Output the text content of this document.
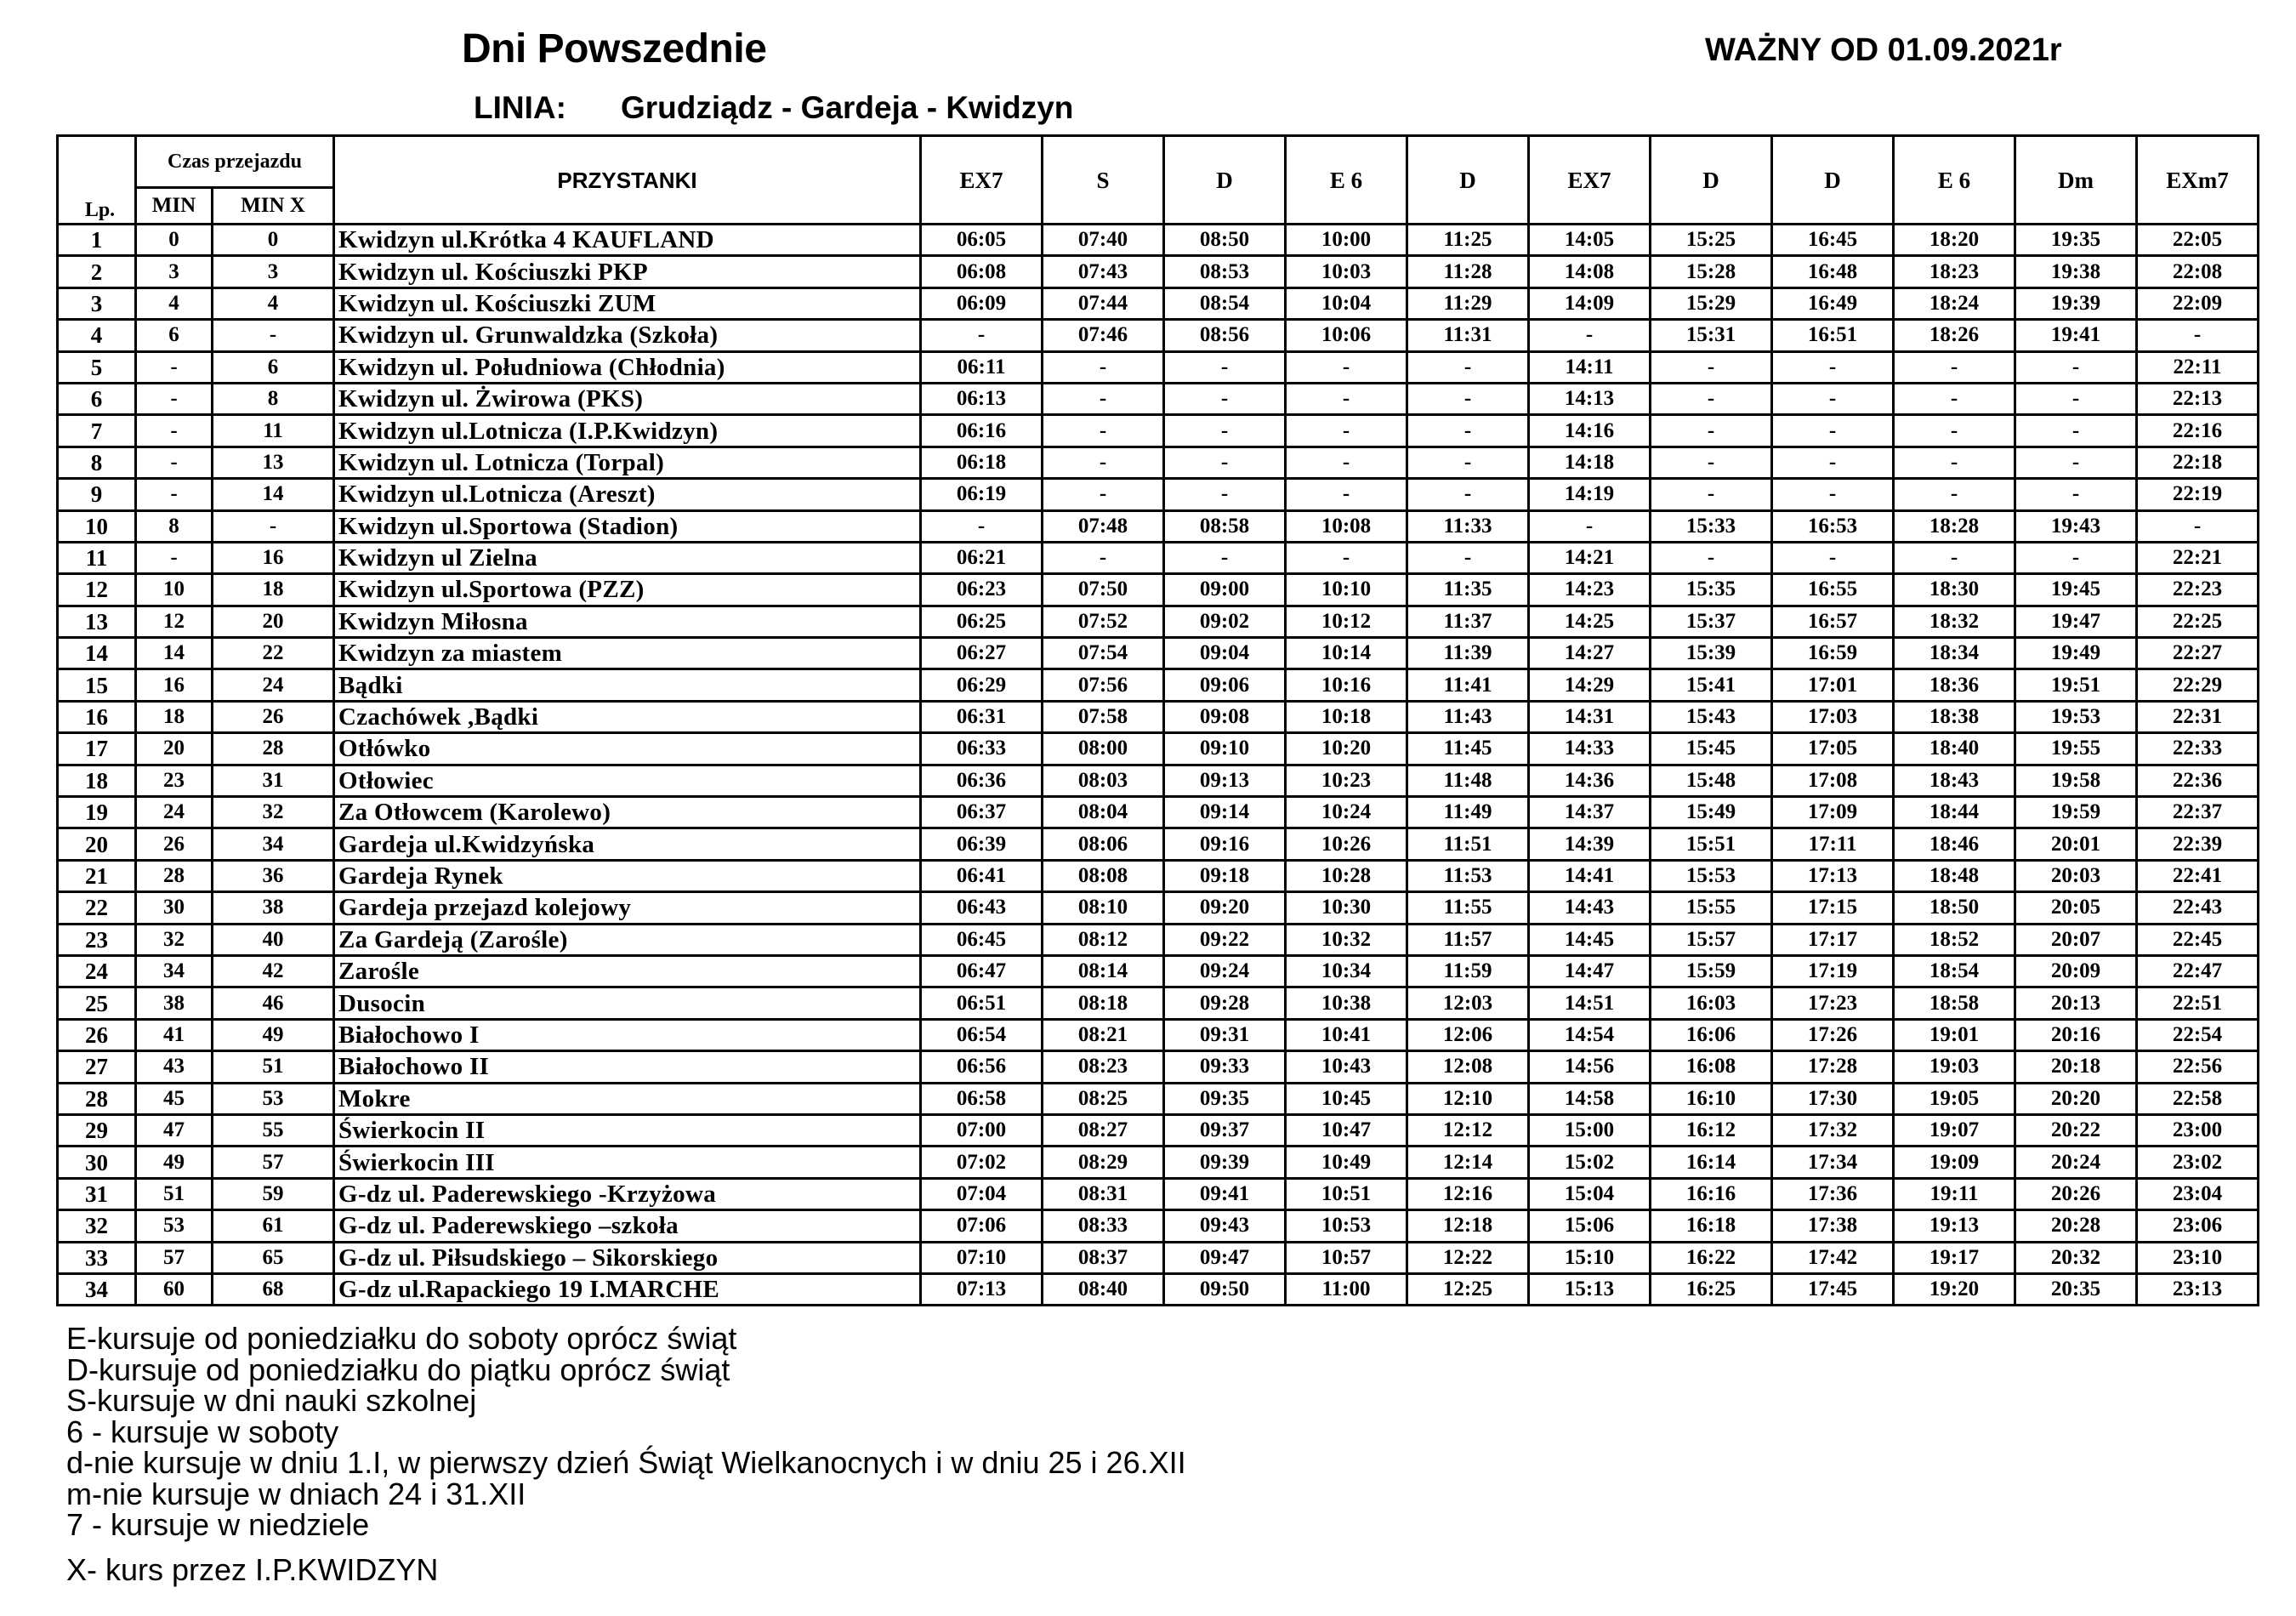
Dni Powszednie	WAŻNY OD 01.09.2021r
LINIA: Grudziądz - Gardeja - Kwidzyn
Lp.	Czas przejazdu		PRZYSTANKI	EX7	S	D	E 6	D	EX7	D	D	E 6	Dm	EXm7
	MIN	MIN X												
1	0	0	Kwidzyn ul.Krótka 4 KAUFLAND	06:05	07:40	08:50	10:00	11:25	14:05	15:25	16:45	18:20	19:35	22:05
2	3	3	Kwidzyn ul. Kościuszki PKP	06:08	07:43	08:53	10:03	11:28	14:08	15:28	16:48	18:23	19:38	22:08
3	4	4	Kwidzyn ul. Kościuszki ZUM	06:09	07:44	08:54	10:04	11:29	14:09	15:29	16:49	18:24	19:39	22:09
4	6	-	Kwidzyn ul. Grunwaldzka (Szkoła)	-	07:46	08:56	10:06	11:31	-	15:31	16:51	18:26	19:41	-
5	-	6	Kwidzyn ul. Południowa (Chłodnia)	06:11	-	-	-	-	14:11	-	-	-	-	22:11
6	-	8	Kwidzyn ul. Żwirowa (PKS)	06:13	-	-	-	-	14:13	-	-	-	-	22:13
7	-	11	Kwidzyn ul.Lotnicza (I.P.Kwidzyn)	06:16	-	-	-	-	14:16	-	-	-	-	22:16
8	-	13	Kwidzyn ul. Lotnicza (Torpal)	06:18	-	-	-	-	14:18	-	-	-	-	22:18
9	-	14	Kwidzyn ul.Lotnicza (Areszt)	06:19	-	-	-	-	14:19	-	-	-	-	22:19
10	8	-	Kwidzyn ul.Sportowa (Stadion)	-	07:48	08:58	10:08	11:33	-	15:33	16:53	18:28	19:43	-
11	-	16	Kwidzyn ul Zielna	06:21	-	-	-	-	14:21	-	-	-	-	22:21
12	10	18	Kwidzyn ul.Sportowa (PZZ)	06:23	07:50	09:00	10:10	11:35	14:23	15:35	16:55	18:30	19:45	22:23
13	12	20	Kwidzyn Miłosna	06:25	07:52	09:02	10:12	11:37	14:25	15:37	16:57	18:32	19:47	22:25
14	14	22	Kwidzyn za miastem	06:27	07:54	09:04	10:14	11:39	14:27	15:39	16:59	18:34	19:49	22:27
15	16	24	Bądki	06:29	07:56	09:06	10:16	11:41	14:29	15:41	17:01	18:36	19:51	22:29
16	18	26	Czachówek ,Bądki	06:31	07:58	09:08	10:18	11:43	14:31	15:43	17:03	18:38	19:53	22:31
17	20	28	Otłówko	06:33	08:00	09:10	10:20	11:45	14:33	15:45	17:05	18:40	19:55	22:33
18	23	31	Otłowiec	06:36	08:03	09:13	10:23	11:48	14:36	15:48	17:08	18:43	19:58	22:36
19	24	32	Za Otłowcem (Karolewo)	06:37	08:04	09:14	10:24	11:49	14:37	15:49	17:09	18:44	19:59	22:37
20	26	34	Gardeja ul.Kwidzyńska	06:39	08:06	09:16	10:26	11:51	14:39	15:51	17:11	18:46	20:01	22:39
21	28	36	Gardeja Rynek	06:41	08:08	09:18	10:28	11:53	14:41	15:53	17:13	18:48	20:03	22:41
22	30	38	Gardeja przejazd kolejowy	06:43	08:10	09:20	10:30	11:55	14:43	15:55	17:15	18:50	20:05	22:43
23	32	40	Za Gardeją (Zarośle)	06:45	08:12	09:22	10:32	11:57	14:45	15:57	17:17	18:52	20:07	22:45
24	34	42	Zarośle	06:47	08:14	09:24	10:34	11:59	14:47	15:59	17:19	18:54	20:09	22:47
25	38	46	Dusocin	06:51	08:18	09:28	10:38	12:03	14:51	16:03	17:23	18:58	20:13	22:51
26	41	49	Białochowo I	06:54	08:21	09:31	10:41	12:06	14:54	16:06	17:26	19:01	20:16	22:54
27	43	51	Białochowo II	06:56	08:23	09:33	10:43	12:08	14:56	16:08	17:28	19:03	20:18	22:56
28	45	53	Mokre	06:58	08:25	09:35	10:45	12:10	14:58	16:10	17:30	19:05	20:20	22:58
29	47	55	Świerkocin II	07:00	08:27	09:37	10:47	12:12	15:00	16:12	17:32	19:07	20:22	23:00
30	49	57	Świerkocin III	07:02	08:29	09:39	10:49	12:14	15:02	16:14	17:34	19:09	20:24	23:02
31	51	59	G-dz ul. Paderewskiego -Krzyżowa	07:04	08:31	09:41	10:51	12:16	15:04	16:16	17:36	19:11	20:26	23:04
32	53	61	G-dz ul. Paderewskiego –szkoła	07:06	08:33	09:43	10:53	12:18	15:06	16:18	17:38	19:13	20:28	23:06
33	57	65	G-dz ul. Piłsudskiego – Sikorskiego	07:10	08:37	09:47	10:57	12:22	15:10	16:22	17:42	19:17	20:32	23:10
34	60	68	G-dz ul.Rapackiego 19 I.MARCHE	07:13	08:40	09:50	11:00	12:25	15:13	16:25	17:45	19:20	20:35	23:13
E-kursuje od poniedziałku do soboty oprócz świąt
D-kursuje od poniedziałku do piątku oprócz świąt
S-kursuje w dni nauki szkolnej
6 - kursuje w soboty
d-nie kursuje w dniu 1.I, w pierwszy dzień Świąt Wielkanocnych i w dniu 25 i 26.XII
m-nie kursuje w dniach 24 i 31.XII
7 - kursuje w niedziele
X- kurs przez I.P.KWIDZYN
